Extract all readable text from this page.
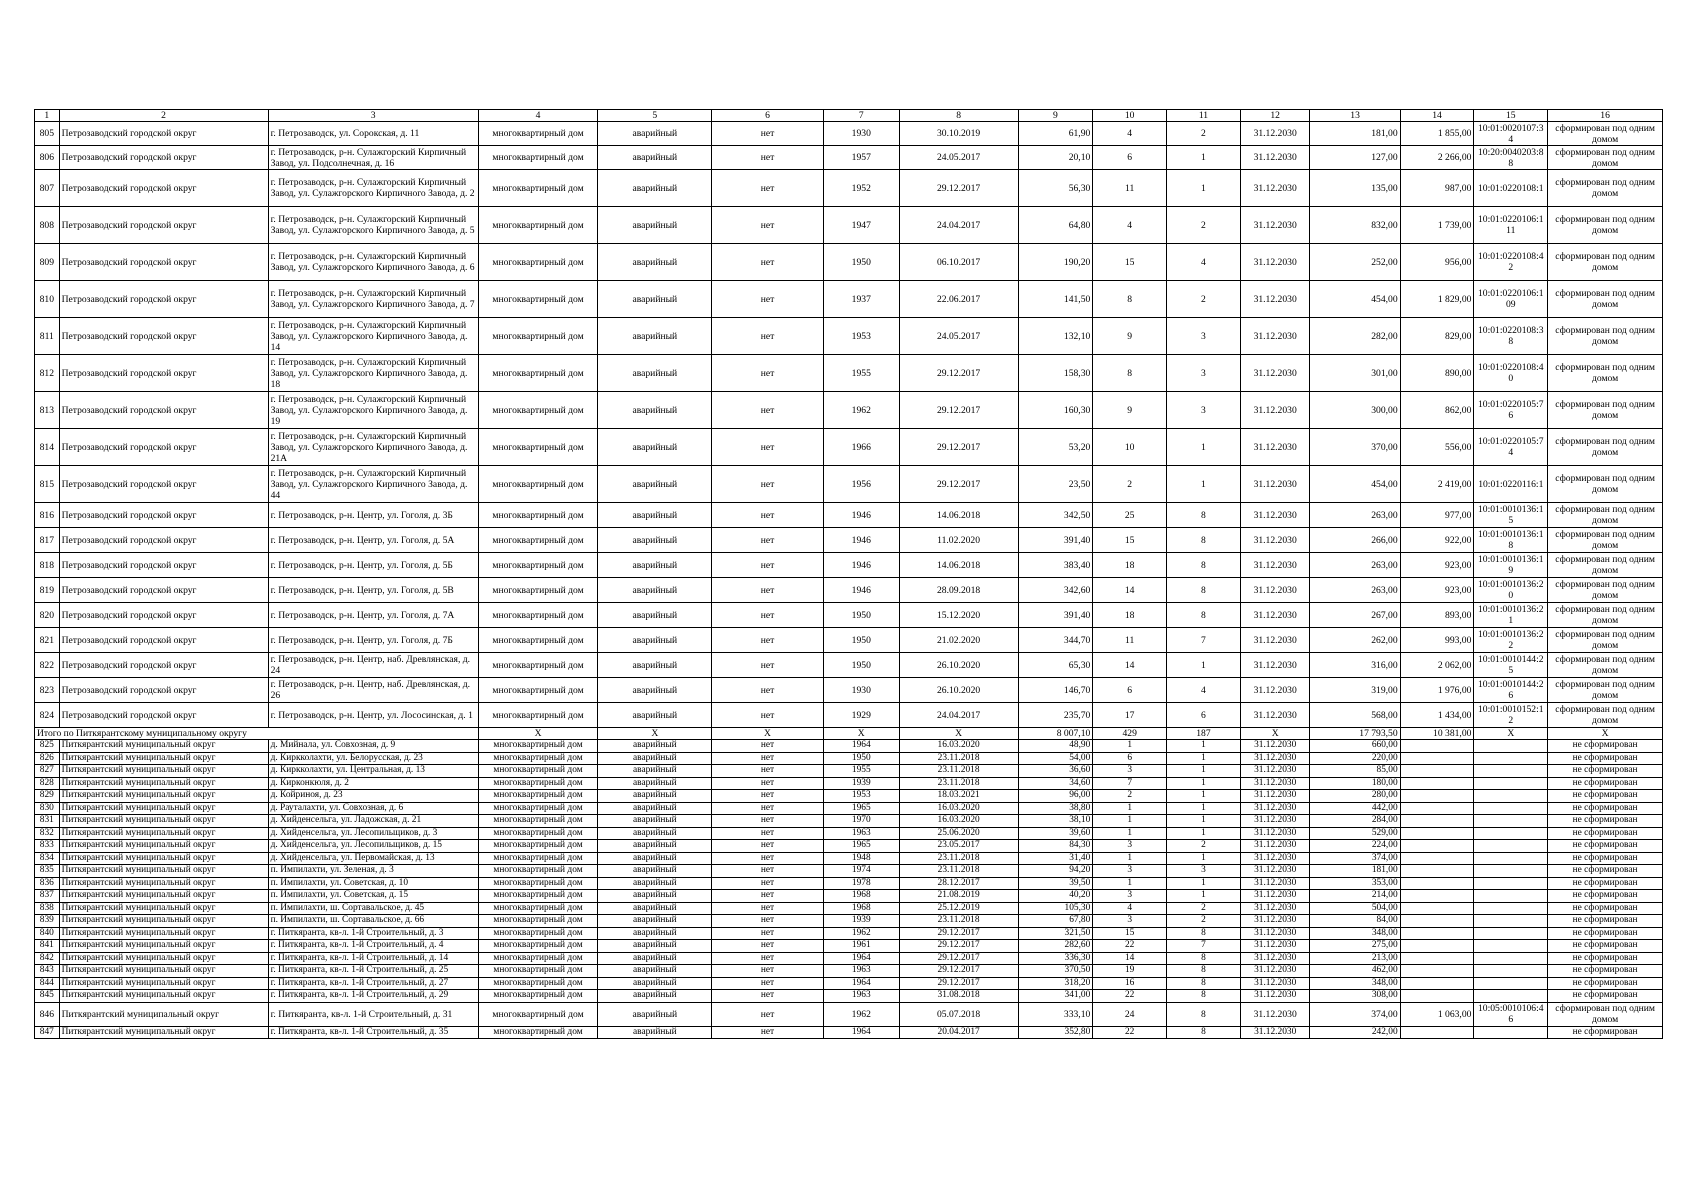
1	2	3	4	5	6	7	8	9	10	11	12	13	14	15	16
805	Петрозаводский городской округ	г. Петрозаводск, ул. Сорокская, д. 11	многоквартирный дом	аварийный	нет	1930	30.10.2019	61,90	4	2	31.12.2030	181,00	1 855,00	10:01:0020107:34	сформирован под одним домом
806	Петрозаводский городской округ	г. Петрозаводск, р-н. Сулажгорский Кирпичный Завод, ул. Подсолнечная, д. 16	многоквартирный дом	аварийный	нет	1957	24.05.2017	20,10	6	1	31.12.2030	127,00	2 266,00	10:20:0040203:88	сформирован под одним домом
807	Петрозаводский городской округ	г. Петрозаводск, р-н. Сулажгорский Кирпичный Завод, ул. Сулажгорского Кирпичного Завода, д. 2	многоквартирный дом	аварийный	нет	1952	29.12.2017	56,30	11	1	31.12.2030	135,00	987,00	10:01:0220108:1	сформирован под одним домом
808	Петрозаводский городской округ	г. Петрозаводск, р-н. Сулажгорский Кирпичный Завод, ул. Сулажгорского Кирпичного Завода, д. 5	многоквартирный дом	аварийный	нет	1947	24.04.2017	64,80	4	2	31.12.2030	832,00	1 739,00	10:01:0220106:111	сформирован под одним домом
809	Петрозаводский городской округ	г. Петрозаводск, р-н. Сулажгорский Кирпичный Завод, ул. Сулажгорского Кирпичного Завода, д. 6	многоквартирный дом	аварийный	нет	1950	06.10.2017	190,20	15	4	31.12.2030	252,00	956,00	10:01:0220108:42	сформирован под одним домом
810	Петрозаводский городской округ	г. Петрозаводск, р-н. Сулажгорский Кирпичный Завод, ул. Сулажгорского Кирпичного Завода, д. 7	многоквартирный дом	аварийный	нет	1937	22.06.2017	141,50	8	2	31.12.2030	454,00	1 829,00	10:01:0220106:109	сформирован под одним домом
811	Петрозаводский городской округ	г. Петрозаводск, р-н. Сулажгорский Кирпичный Завод, ул. Сулажгорского Кирпичного Завода, д. 14	многоквартирный дом	аварийный	нет	1953	24.05.2017	132,10	9	3	31.12.2030	282,00	829,00	10:01:0220108:38	сформирован под одним домом
812	Петрозаводский городской округ	г. Петрозаводск, р-н. Сулажгорский Кирпичный Завод, ул. Сулажгорского Кирпичного Завода, д. 18	многоквартирный дом	аварийный	нет	1955	29.12.2017	158,30	8	3	31.12.2030	301,00	890,00	10:01:0220108:40	сформирован под одним домом
813	Петрозаводский городской округ	г. Петрозаводск, р-н. Сулажгорский Кирпичный Завод, ул. Сулажгорского Кирпичного Завода, д. 19	многоквартирный дом	аварийный	нет	1962	29.12.2017	160,30	9	3	31.12.2030	300,00	862,00	10:01:0220105:76	сформирован под одним домом
814	Петрозаводский городской округ	г. Петрозаводск, р-н. Сулажгорский Кирпичный Завод, ул. Сулажгорского Кирпичного Завода, д. 21А	многоквартирный дом	аварийный	нет	1966	29.12.2017	53,20	10	1	31.12.2030	370,00	556,00	10:01:0220105:74	сформирован под одним домом
815	Петрозаводский городской округ	г. Петрозаводск, р-н. Сулажгорский Кирпичный Завод, ул. Сулажгорского Кирпичного Завода, д. 44	многоквартирный дом	аварийный	нет	1956	29.12.2017	23,50	2	1	31.12.2030	454,00	2 419,00	10:01:0220116:1	сформирован под одним домом
816	Петрозаводский городской округ	г. Петрозаводск, р-н. Центр, ул. Гоголя, д. 3Б	многоквартирный дом	аварийный	нет	1946	14.06.2018	342,50	25	8	31.12.2030	263,00	977,00	10:01:0010136:15	сформирован под одним домом
817	Петрозаводский городской округ	г. Петрозаводск, р-н. Центр, ул. Гоголя, д. 5А	многоквартирный дом	аварийный	нет	1946	11.02.2020	391,40	15	8	31.12.2030	266,00	922,00	10:01:0010136:18	сформирован под одним домом
818	Петрозаводский городской округ	г. Петрозаводск, р-н. Центр, ул. Гоголя, д. 5Б	многоквартирный дом	аварийный	нет	1946	14.06.2018	383,40	18	8	31.12.2030	263,00	923,00	10:01:0010136:19	сформирован под одним домом
819	Петрозаводский городской округ	г. Петрозаводск, р-н. Центр, ул. Гоголя, д. 5В	многоквартирный дом	аварийный	нет	1946	28.09.2018	342,60	14	8	31.12.2030	263,00	923,00	10:01:0010136:20	сформирован под одним домом
820	Петрозаводский городской округ	г. Петрозаводск, р-н. Центр, ул. Гоголя, д. 7А	многоквартирный дом	аварийный	нет	1950	15.12.2020	391,40	18	8	31.12.2030	267,00	893,00	10:01:0010136:21	сформирован под одним домом
821	Петрозаводский городской округ	г. Петрозаводск, р-н. Центр, ул. Гоголя, д. 7Б	многоквартирный дом	аварийный	нет	1950	21.02.2020	344,70	11	7	31.12.2030	262,00	993,00	10:01:0010136:22	сформирован под одним домом
822	Петрозаводский городской округ	г. Петрозаводск, р-н. Центр, наб. Древлянская, д. 24	многоквартирный дом	аварийный	нет	1950	26.10.2020	65,30	14	1	31.12.2030	316,00	2 062,00	10:01:0010144:25	сформирован под одним домом
823	Петрозаводский городской округ	г. Петрозаводск, р-н. Центр, наб. Древлянская, д. 26	многоквартирный дом	аварийный	нет	1930	26.10.2020	146,70	6	4	31.12.2030	319,00	1 976,00	10:01:0010144:26	сформирован под одним домом
824	Петрозаводский городской округ	г. Петрозаводск, р-н. Центр, ул. Лососинская, д. 1	многоквартирный дом	аварийный	нет	1929	24.04.2017	235,70	17	6	31.12.2030	568,00	1 434,00	10:01:0010152:12	сформирован под одним домом
Итого по Питкярантскому муниципальному округу			X	X	X	X	X	8 007,10	429	187	X	17 793,50	10 381,00	X	X
825	Питкярантский муниципальный округ	д. Мийнала, ул. Совхозная, д. 9	многоквартирный дом	аварийный	нет	1964	16.03.2020	48,90	1	1	31.12.2030	660,00			не сформирован
826	Питкярантский муниципальный округ	д. Киркколахти, ул. Белорусская, д. 23	многоквартирный дом	аварийный	нет	1950	23.11.2018	54,00	6	1	31.12.2030	220,00			не сформирован
827	Питкярантский муниципальный округ	д. Киркколахти, ул. Центральная, д. 13	многоквартирный дом	аварийный	нет	1955	23.11.2018	36,60	3	1	31.12.2030	85,00			не сформирован
828	Питкярантский муниципальный округ	д. Кирконкюля, д. 2	многоквартирный дом	аварийный	нет	1939	23.11.2018	34,60	7	1	31.12.2030	180,00			не сформирован
829	Питкярантский муниципальный округ	д. Койриноя, д. 23	многоквартирный дом	аварийный	нет	1953	18.03.2021	96,00	2	1	31.12.2030	280,00			не сформирован
830	Питкярантский муниципальный округ	д. Рауталахти, ул. Совхозная, д. 6	многоквартирный дом	аварийный	нет	1965	16.03.2020	38,80	1	1	31.12.2030	442,00			не сформирован
831	Питкярантский муниципальный округ	д. Хийденсельга, ул. Ладожская, д. 21	многоквартирный дом	аварийный	нет	1970	16.03.2020	38,10	1	1	31.12.2030	284,00			не сформирован
832	Питкярантский муниципальный округ	д. Хийденсельга, ул. Лесопильщиков, д. 3	многоквартирный дом	аварийный	нет	1963	25.06.2020	39,60	1	1	31.12.2030	529,00			не сформирован
833	Питкярантский муниципальный округ	д. Хийденсельга, ул. Лесопильщиков, д. 15	многоквартирный дом	аварийный	нет	1965	23.05.2017	84,30	3	2	31.12.2030	224,00			не сформирован
834	Питкярантский муниципальный округ	д. Хийденсельга, ул. Первомайская, д. 13	многоквартирный дом	аварийный	нет	1948	23.11.2018	31,40	1	1	31.12.2030	374,00			не сформирован
835	Питкярантский муниципальный округ	п. Импилахти, ул. Зеленая, д. 3	многоквартирный дом	аварийный	нет	1974	23.11.2018	94,20	3	3	31.12.2030	181,00			не сформирован
836	Питкярантский муниципальный округ	п. Импилахти, ул. Советская, д. 10	многоквартирный дом	аварийный	нет	1978	28.12.2017	39,50	1	1	31.12.2030	353,00			не сформирован
837	Питкярантский муниципальный округ	п. Импилахти, ул. Советская, д. 15	многоквартирный дом	аварийный	нет	1968	21.08.2019	40,20	3	1	31.12.2030	214,00			не сформирован
838	Питкярантский муниципальный округ	п. Импилахти, ш. Сортавальское, д. 45	многоквартирный дом	аварийный	нет	1968	25.12.2019	105,30	4	2	31.12.2030	504,00			не сформирован
839	Питкярантский муниципальный округ	п. Импилахти, ш. Сортавальское, д. 66	многоквартирный дом	аварийный	нет	1939	23.11.2018	67,80	3	2	31.12.2030	84,00			не сформирован
840	Питкярантский муниципальный округ	г. Питкяранта, кв-л. 1-й Строительный, д. 3	многоквартирный дом	аварийный	нет	1962	29.12.2017	321,50	15	8	31.12.2030	348,00			не сформирован
841	Питкярантский муниципальный округ	г. Питкяранта, кв-л. 1-й Строительный, д. 4	многоквартирный дом	аварийный	нет	1961	29.12.2017	282,60	22	7	31.12.2030	275,00			не сформирован
842	Питкярантский муниципальный округ	г. Питкяранта, кв-л. 1-й Строительный, д. 14	многоквартирный дом	аварийный	нет	1964	29.12.2017	336,30	14	8	31.12.2030	213,00			не сформирован
843	Питкярантский муниципальный округ	г. Питкяранта, кв-л. 1-й Строительный, д. 25	многоквартирный дом	аварийный	нет	1963	29.12.2017	370,50	19	8	31.12.2030	462,00			не сформирован
844	Питкярантский муниципальный округ	г. Питкяранта, кв-л. 1-й Строительный, д. 27	многоквартирный дом	аварийный	нет	1964	29.12.2017	318,20	16	8	31.12.2030	348,00			не сформирован
845	Питкярантский муниципальный округ	г. Питкяранта, кв-л. 1-й Строительный, д. 29	многоквартирный дом	аварийный	нет	1963	31.08.2018	341,00	22	8	31.12.2030	308,00			не сформирован
846	Питкярантский муниципальный округ	г. Питкяранта, кв-л. 1-й Строительный, д. 31	многоквартирный дом	аварийный	нет	1962	05.07.2018	333,10	24	8	31.12.2030	374,00	1 063,00	10:05:0010106:46	сформирован под одним домом
847	Питкярантский муниципальный округ	г. Питкяранта, кв-л. 1-й Строительный, д. 35	многоквартирный дом	аварийный	нет	1964	20.04.2017	352,80	22	8	31.12.2030	242,00			не сформирован
